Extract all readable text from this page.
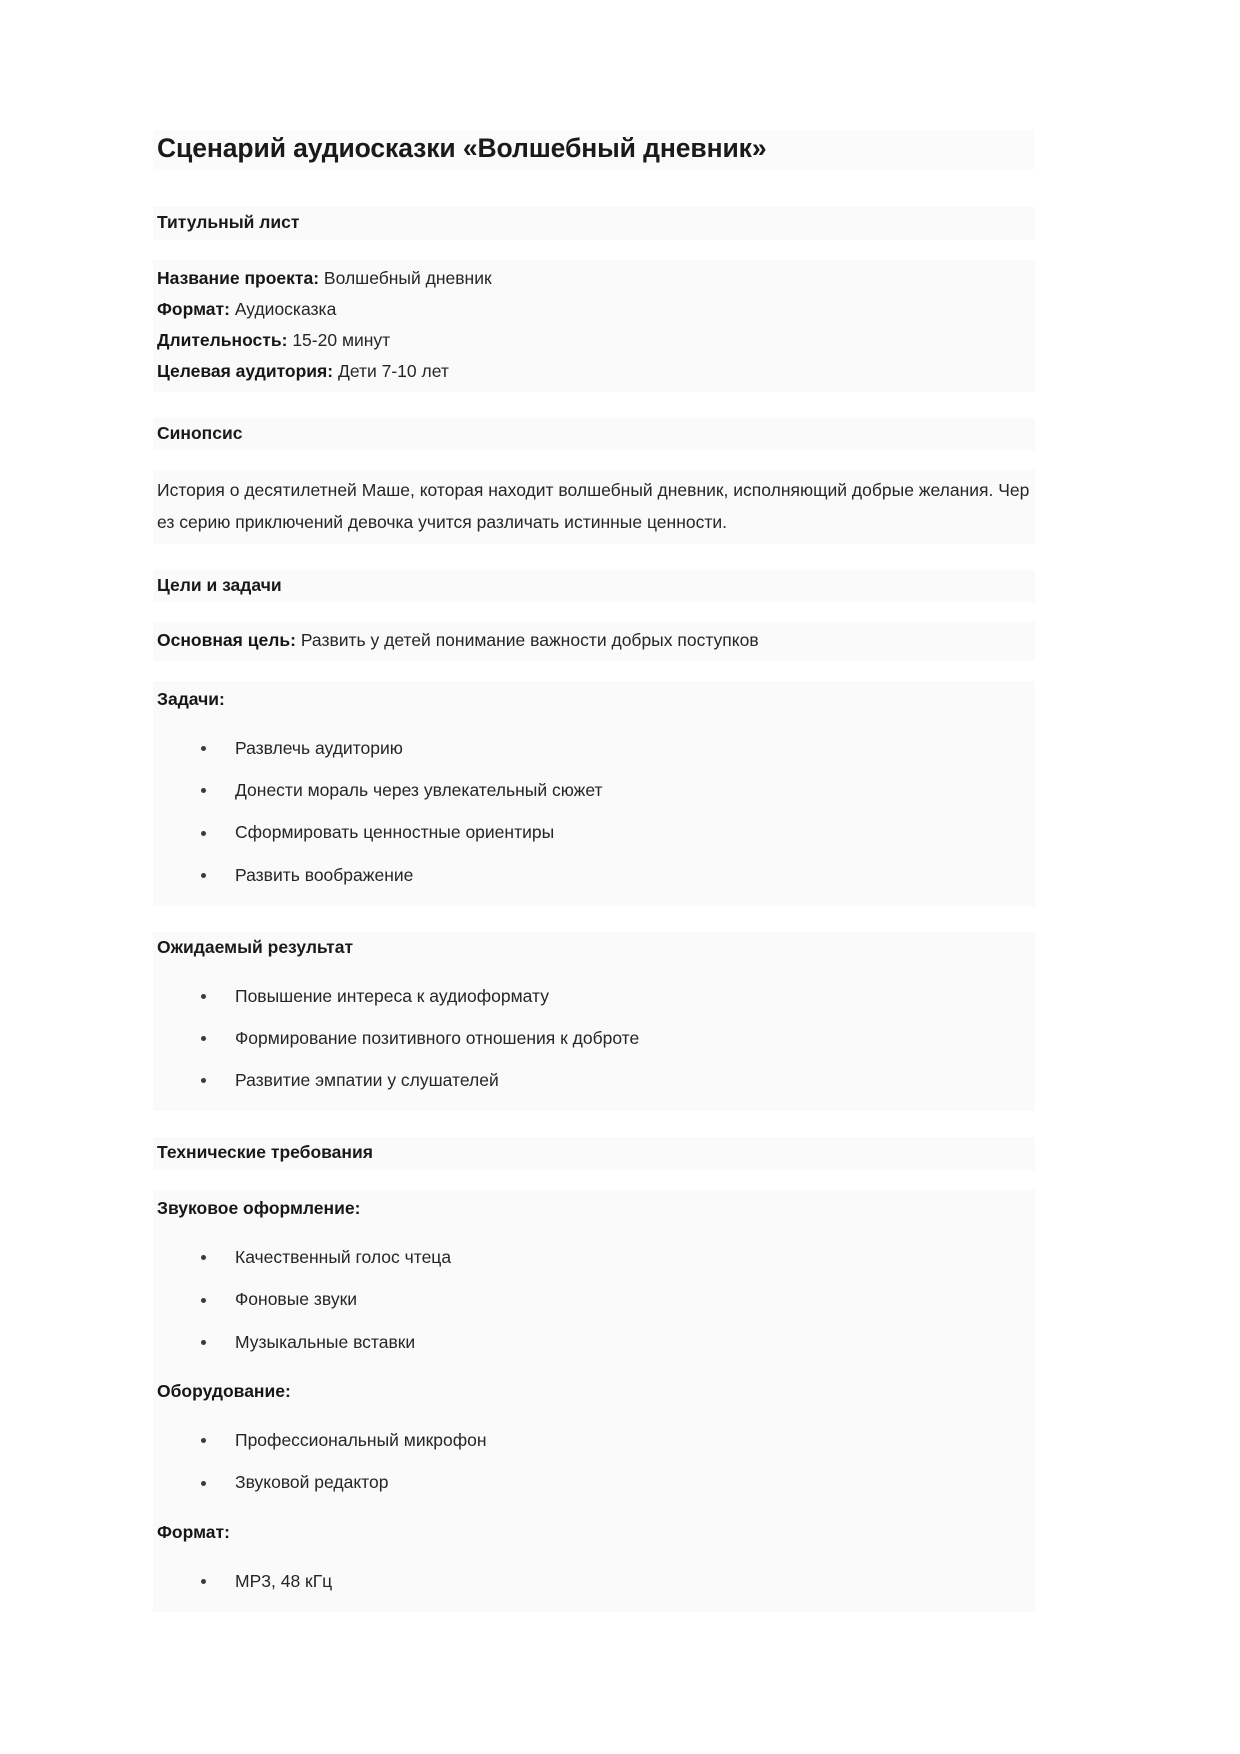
Сценарий аудиосказки «Волшебный дневник»
Титульный лист
Название проекта: Волшебный дневник
Формат: Аудиосказка
Длительность: 15-20 минут
Целевая аудитория: Дети 7-10 лет
Синопсис

История о десятилетней Маше, которая находит волшебный дневник, исполняющий добрые желания. Через серию приключений девочка учится различать истинные ценности.

Цели и задачи
Основная цель: Развить у детей понимание важности добрых поступков
Задачи:
Развлечь аудиторию
Донести мораль через увлекательный сюжет
Сформировать ценностные ориентиры
Развить воображение
Ожидаемый результат
Повышение интереса к аудиоформату
Формирование позитивного отношения к доброте
Развитие эмпатии у слушателей
Технические требования
Звуковое оформление:
Качественный голос чтеца
Фоновые звуки
Музыкальные вставки
Оборудование:
Профессиональный микрофон
Звуковой редактор
Формат:
MP3, 48 кГц
